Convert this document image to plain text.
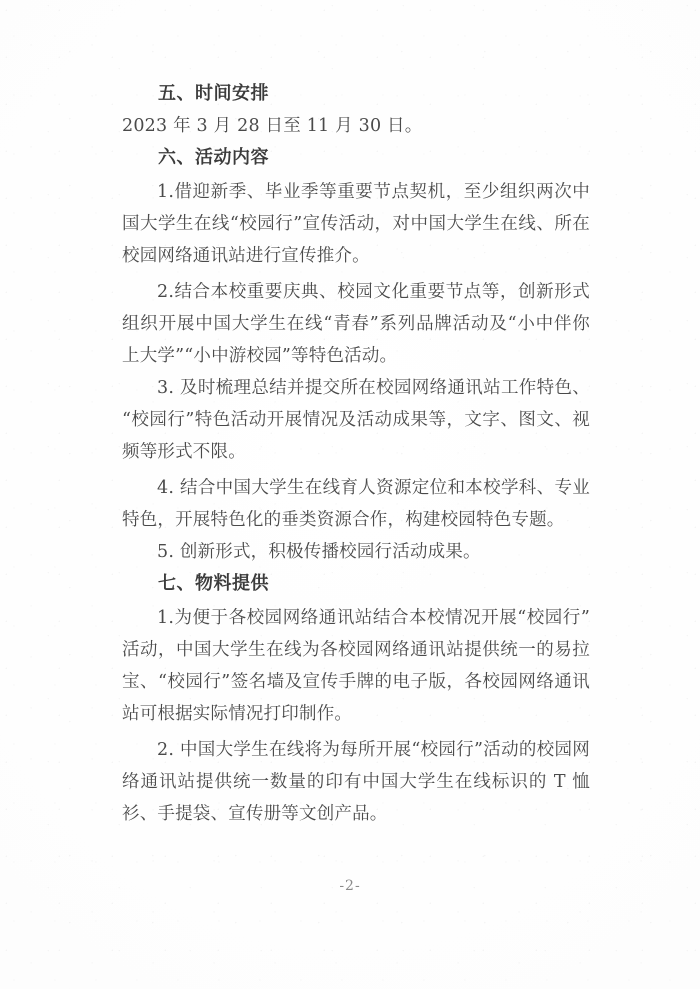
五、时间安排

2023 年 3 月 28 日至 11 月 30 日。

六、活动内容

1.借迎新季、毕业季等重要节点契机，至少组织两次中国大学生在线“校园行”宣传活动，对中国大学生在线、所在校园网络通讯站进行宣传推介。

2.结合本校重要庆典、校园文化重要节点等，创新形式组织开展中国大学生在线“青春”系列品牌活动及“小中伴你上大学”“小中游校园”等特色活动。

3. 及时梳理总结并提交所在校园网络通讯站工作特色、“校园行”特色活动开展情况及活动成果等，文字、图文、视频等形式不限。

4. 结合中国大学生在线育人资源定位和本校学科、专业特色，开展特色化的垂类资源合作，构建校园特色专题。

5. 创新形式，积极传播校园行活动成果。

七、物料提供

1.为便于各校园网络通讯站结合本校情况开展“校园行”活动，中国大学生在线为各校园网络通讯站提供统一的易拉宝、“校园行”签名墙及宣传手牌的电子版，各校园网络通讯站可根据实际情况打印制作。

2. 中国大学生在线将为每所开展“校园行”活动的校园网络通讯站提供统一数量的印有中国大学生在线标识的 T 恤衫、手提袋、宣传册等文创产品。

-2-
